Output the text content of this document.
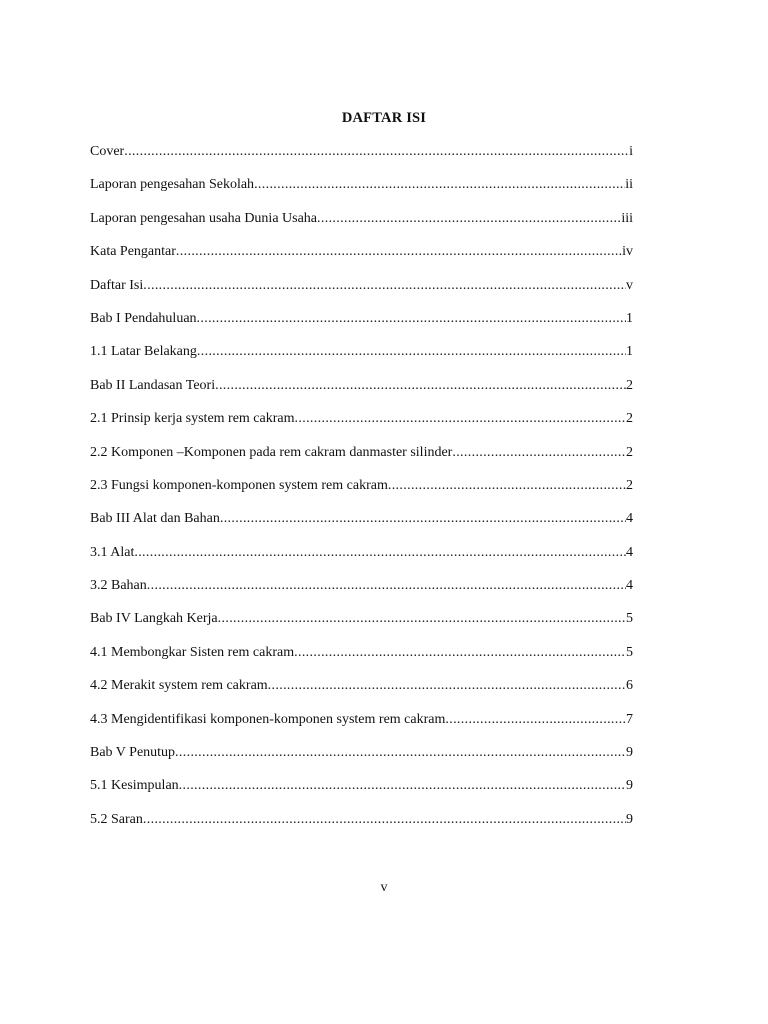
DAFTAR ISI
Cover .....	i
Laporan pengesahan Sekolah .....	ii
Laporan pengesahan usaha Dunia Usaha .....	iii
Kata Pengantar .....	iv
Daftar Isi .....	v
Bab I Pendahuluan .....	1
1.1 Latar Belakang .....	1
Bab II Landasan Teori .....	2
2.1 Prinsip kerja system rem cakram .....	2
2.2 Komponen –Komponen pada rem cakram danmaster silinder .....	2
2.3 Fungsi komponen-komponen system rem cakram .....	2
Bab III Alat dan Bahan .....	4
3.1 Alat .....	4
3.2 Bahan .....	4
Bab IV Langkah Kerja .....	5
4.1 Membongkar Sisten rem cakram .....	5
4.2 Merakit system rem cakram .....	6
4.3 Mengidentifikasi komponen-komponen system rem cakram .....	7
Bab V Penutup .....	9
5.1 Kesimpulan .....	9
5.2 Saran .....	9
v
